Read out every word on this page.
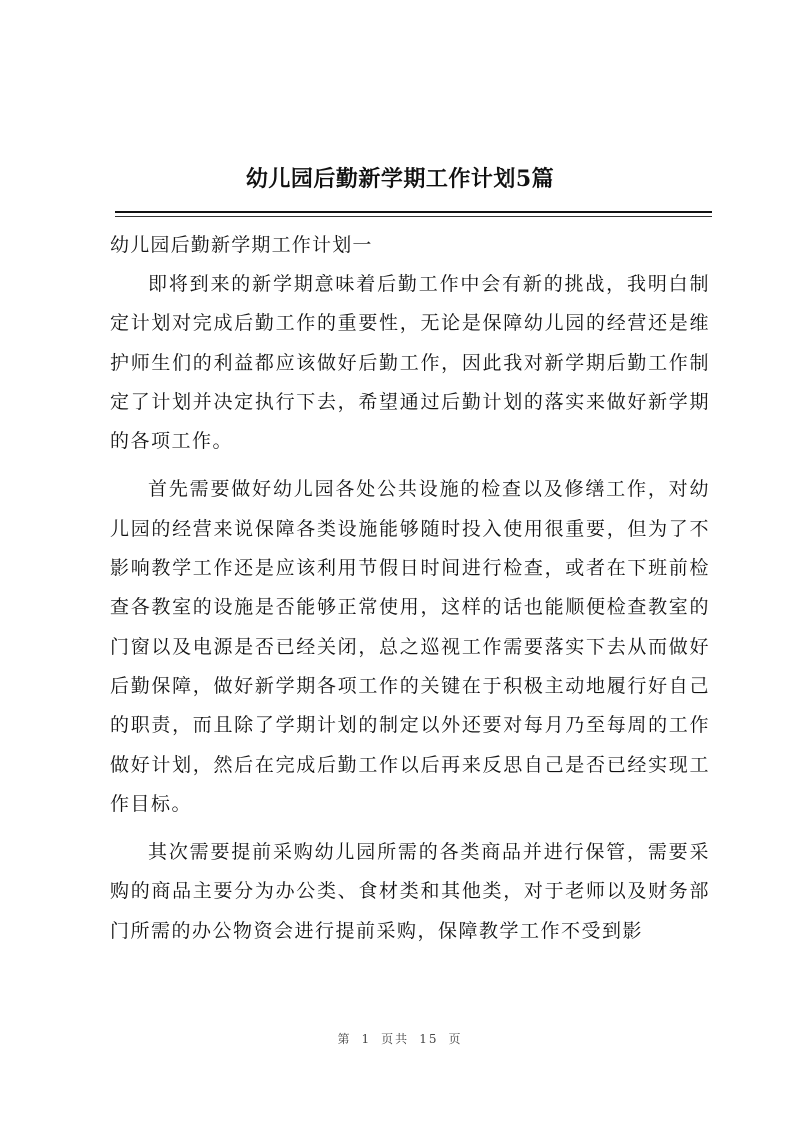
幼儿园后勤新学期工作计划5篇

幼儿园后勤新学期工作计划一

即将到来的新学期意味着后勤工作中会有新的挑战，我明白制定计划对完成后勤工作的重要性，无论是保障幼儿园的经营还是维护师生们的利益都应该做好后勤工作，因此我对新学期后勤工作制定了计划并决定执行下去，希望通过后勤计划的落实来做好新学期的各项工作。

首先需要做好幼儿园各处公共设施的检查以及修缮工作，对幼儿园的经营来说保障各类设施能够随时投入使用很重要，但为了不影响教学工作还是应该利用节假日时间进行检查，或者在下班前检查各教室的设施是否能够正常使用，这样的话也能顺便检查教室的门窗以及电源是否已经关闭，总之巡视工作需要落实下去从而做好后勤保障，做好新学期各项工作的关键在于积极主动地履行好自己的职责，而且除了学期计划的制定以外还要对每月乃至每周的工作做好计划，然后在完成后勤工作以后再来反思自己是否已经实现工作目标。

其次需要提前采购幼儿园所需的各类商品并进行保管，需要采购的商品主要分为办公类、食材类和其他类，对于老师以及财务部门所需的办公物资会进行提前采购，保障教学工作不受到影

第 1 页共 15 页
